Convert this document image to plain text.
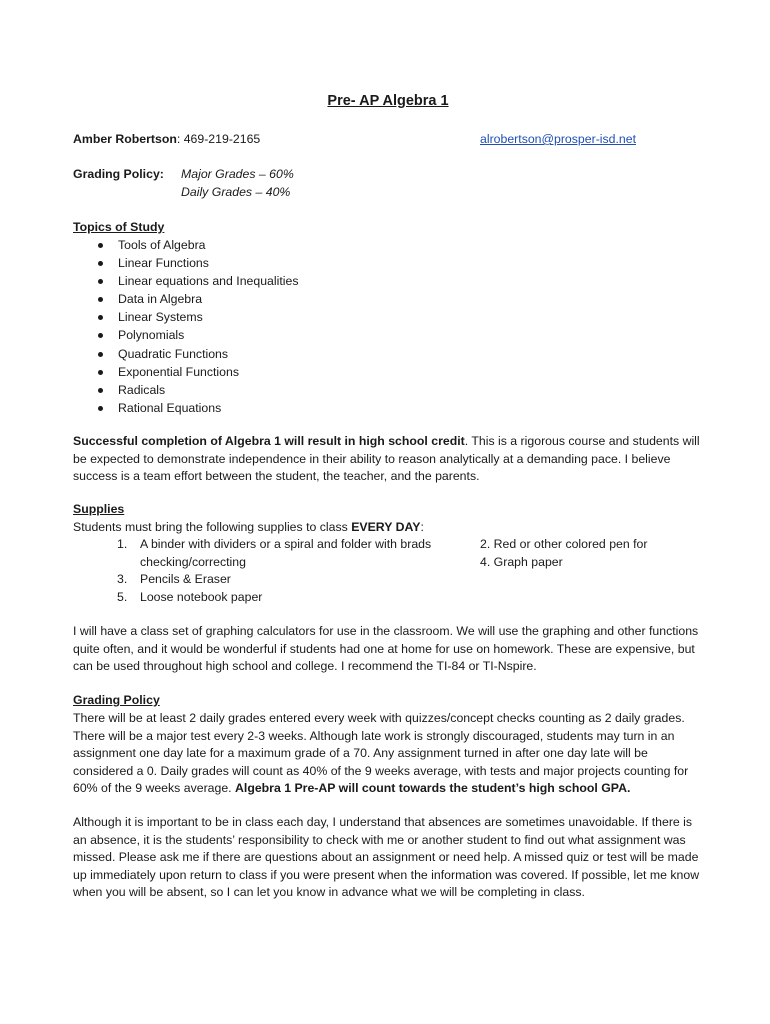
Pre- AP Algebra 1
Amber Robertson: 469-219-2165	alrobertson@prosper-isd.net
Grading Policy: Major Grades – 60%
Daily Grades – 40%
Topics of Study
Tools of Algebra
Linear Functions
Linear equations and Inequalities
Data in Algebra
Linear Systems
Polynomials
Quadratic Functions
Exponential Functions
Radicals
Rational Equations

Successful completion of Algebra 1 will result in high school credit. This is a rigorous course and students will be expected to demonstrate independence in their ability to reason analytically at a demanding pace. I believe success is a team effort between the student, the teacher, and the parents.

Supplies
Students must bring the following supplies to class EVERY DAY:
1. A binder with dividers or a spiral and folder with brads checking/correcting
3. Pencils & Eraser
5. Loose notebook paper
2. Red or other colored pen for
4. Graph paper

I will have a class set of graphing calculators for use in the classroom. We will use the graphing and other functions quite often, and it would be wonderful if students had one at home for use on homework. These are expensive, but can be used throughout high school and college. I recommend the TI-84 or TI-Nspire.

Grading Policy
There will be at least 2 daily grades entered every week with quizzes/concept checks counting as 2 daily grades. There will be a major test every 2-3 weeks. Although late work is strongly discouraged, students may turn in an assignment one day late for a maximum grade of a 70. Any assignment turned in after one day late will be considered a 0. Daily grades will count as 40% of the 9 weeks average, with tests and major projects counting for 60% of the 9 weeks average. Algebra 1 Pre-AP will count towards the student’s high school GPA.

Although it is important to be in class each day, I understand that absences are sometimes unavoidable. If there is an absence, it is the students’ responsibility to check with me or another student to find out what assignment was missed. Please ask me if there are questions about an assignment or need help. A missed quiz or test will be made up immediately upon return to class if you were present when the information was covered. If possible, let me know when you will be absent, so I can let you know in advance what we will be completing in class.
